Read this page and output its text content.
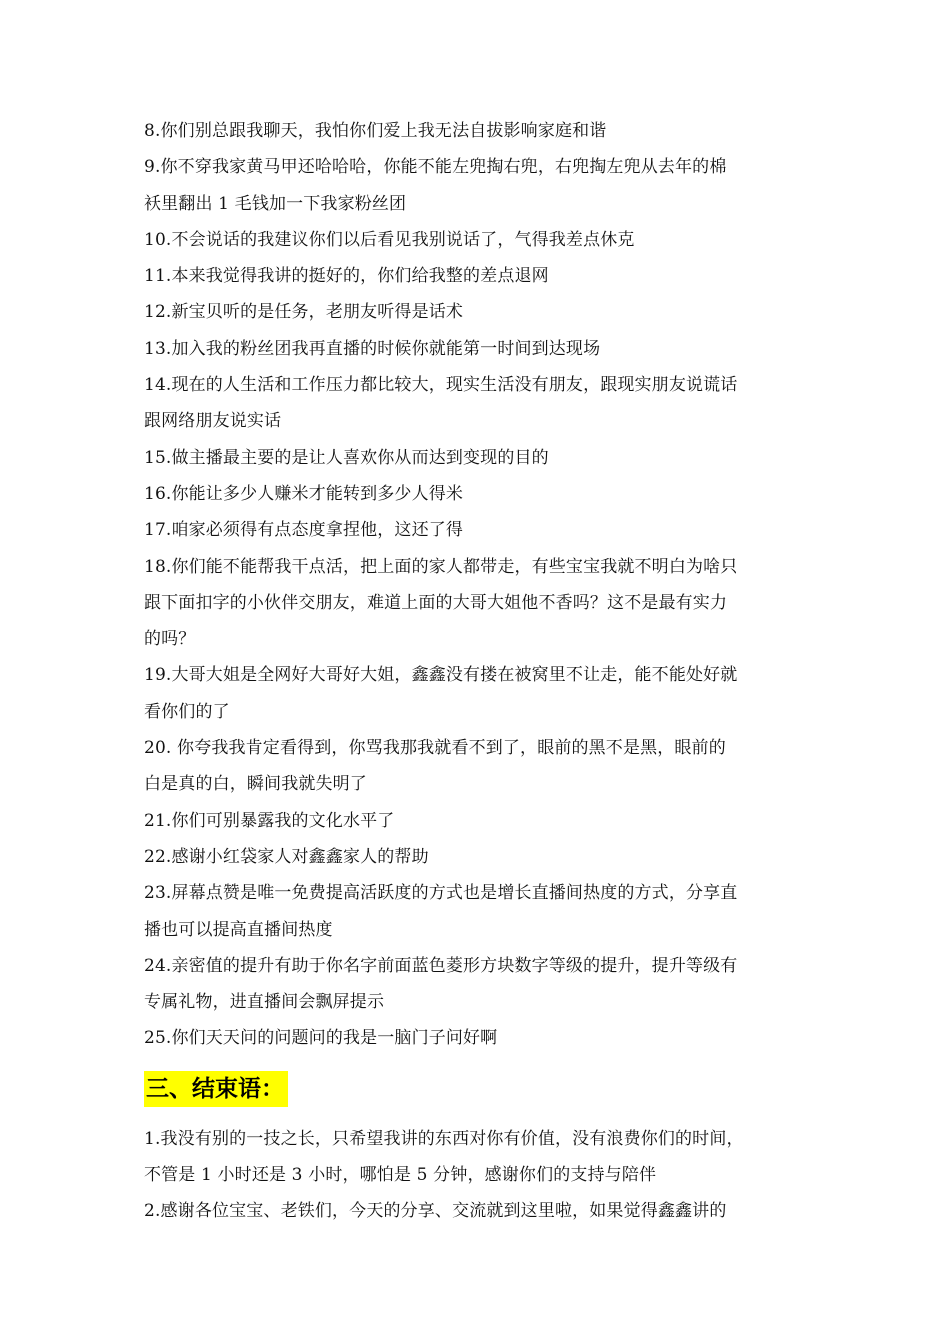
8.你们别总跟我聊天，我怕你们爱上我无法自拔影响家庭和谐
9.你不穿我家黄马甲还哈哈哈，你能不能左兜掏右兜，右兜掏左兜从去年的棉
袄里翻出 1 毛钱加一下我家粉丝团
10.不会说话的我建议你们以后看见我别说话了，气得我差点休克
11.本来我觉得我讲的挺好的，你们给我整的差点退网
12.新宝贝听的是任务，老朋友听得是话术
13.加入我的粉丝团我再直播的时候你就能第一时间到达现场
14.现在的人生活和工作压力都比较大，现实生活没有朋友，跟现实朋友说谎话
跟网络朋友说实话
15.做主播最主要的是让人喜欢你从而达到变现的目的
16.你能让多少人赚米才能转到多少人得米
17.咱家必须得有点态度拿捏他，这还了得
18.你们能不能帮我干点活，把上面的家人都带走，有些宝宝我就不明白为啥只
跟下面扣字的小伙伴交朋友，难道上面的大哥大姐他不香吗？这不是最有实力
的吗？
19.大哥大姐是全网好大哥好大姐，鑫鑫没有搂在被窝里不让走，能不能处好就
看你们的了
20. 你夸我我肯定看得到，你骂我那我就看不到了，眼前的黑不是黑，眼前的
白是真的白，瞬间我就失明了
21.你们可别暴露我的文化水平了
22.感谢小红袋家人对鑫鑫家人的帮助
23.屏幕点赞是唯一免费提高活跃度的方式也是增长直播间热度的方式，分享直
播也可以提高直播间热度
24.亲密值的提升有助于你名字前面蓝色菱形方块数字等级的提升，提升等级有
专属礼物，进直播间会飘屏提示
25.你们天天问的问题问的我是一脑门子问好啊
三、结束语：
1.我没有别的一技之长，只希望我讲的东西对你有价值，没有浪费你们的时间，
不管是 1 小时还是 3 小时，哪怕是 5 分钟，感谢你们的支持与陪伴
2.感谢各位宝宝、老铁们，今天的分享、交流就到这里啦，如果觉得鑫鑫讲的
